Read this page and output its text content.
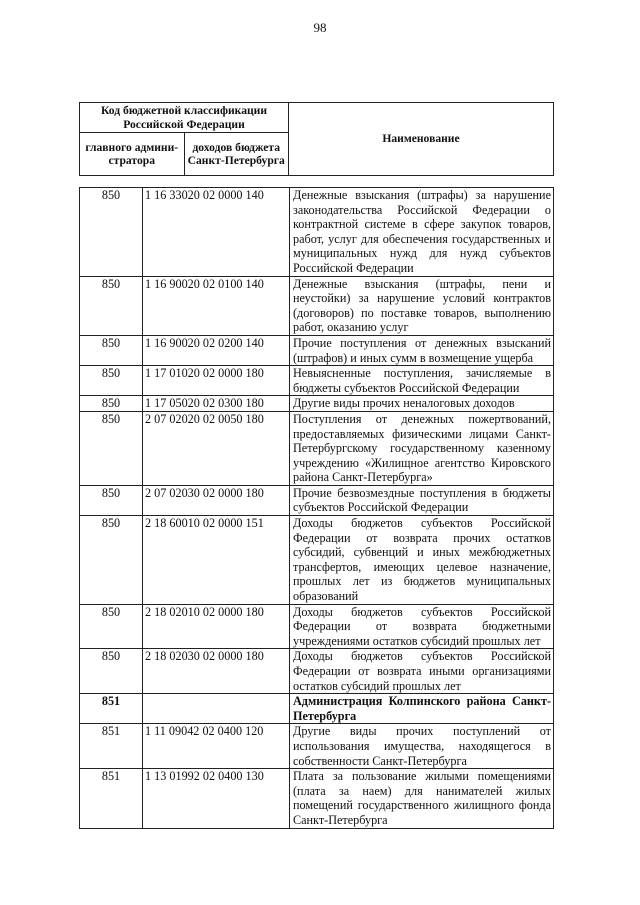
98
Код бюджетной классификации Российской Федерации		Наименование
главного админи- стратора	доходов бюджета Санкт-Петербурга	
850	1 16 33020 02 0000 140	Денежные взыскания (штрафы) за нарушение законодательства Российской Федерации о контрактной системе в сфере закупок товаров, работ, услуг для обеспечения государственных и муниципальных нужд для нужд субъектов Российской Федерации
850	1 16 90020 02 0100 140	Денежные взыскания (штрафы, пени и неустойки) за нарушение условий контрактов (договоров) по поставке товаров, выполнению работ, оказанию услуг
850	1 16 90020 02 0200 140	Прочие поступления от денежных взысканий (штрафов) и иных сумм в возмещение ущерба
850	1 17 01020 02 0000 180	Невыясненные поступления, зачисляемые в бюджеты субъектов Российской Федерации
850	1 17 05020 02 0300 180	Другие виды прочих неналоговых доходов
850	2 07 02020 02 0050 180	Поступления от денежных пожертвований, предоставляемых физическими лицами Санкт-Петербургскому государственному казенному учреждению «Жилищное агентство Кировского района Санкт-Петербурга»
850	2 07 02030 02 0000 180	Прочие безвозмездные поступления в бюджеты субъектов Российской Федерации
850	2 18 60010 02 0000 151	Доходы бюджетов субъектов Российской Федерации от возврата прочих остатков субсидий, субвенций и иных межбюджетных трансфертов, имеющих целевое назначение, прошлых лет из бюджетов муниципальных образований
850	2 18 02010 02 0000 180	Доходы бюджетов субъектов Российской Федерации от возврата бюджетными учреждениями остатков субсидий прошлых лет
850	2 18 02030 02 0000 180	Доходы бюджетов субъектов Российской Федерации от возврата иными организациями остатков субсидий прошлых лет
851		Администрация Колпинского района Санкт-Петербурга
851	1 11 09042 02 0400 120	Другие виды прочих поступлений от использования имущества, находящегося в собственности Санкт-Петербурга
851	1 13 01992 02 0400 130	Плата за пользование жилыми помещениями (плата за наем) для нанимателей жилых помещений государственного жилищного фонда Санкт-Петербурга
